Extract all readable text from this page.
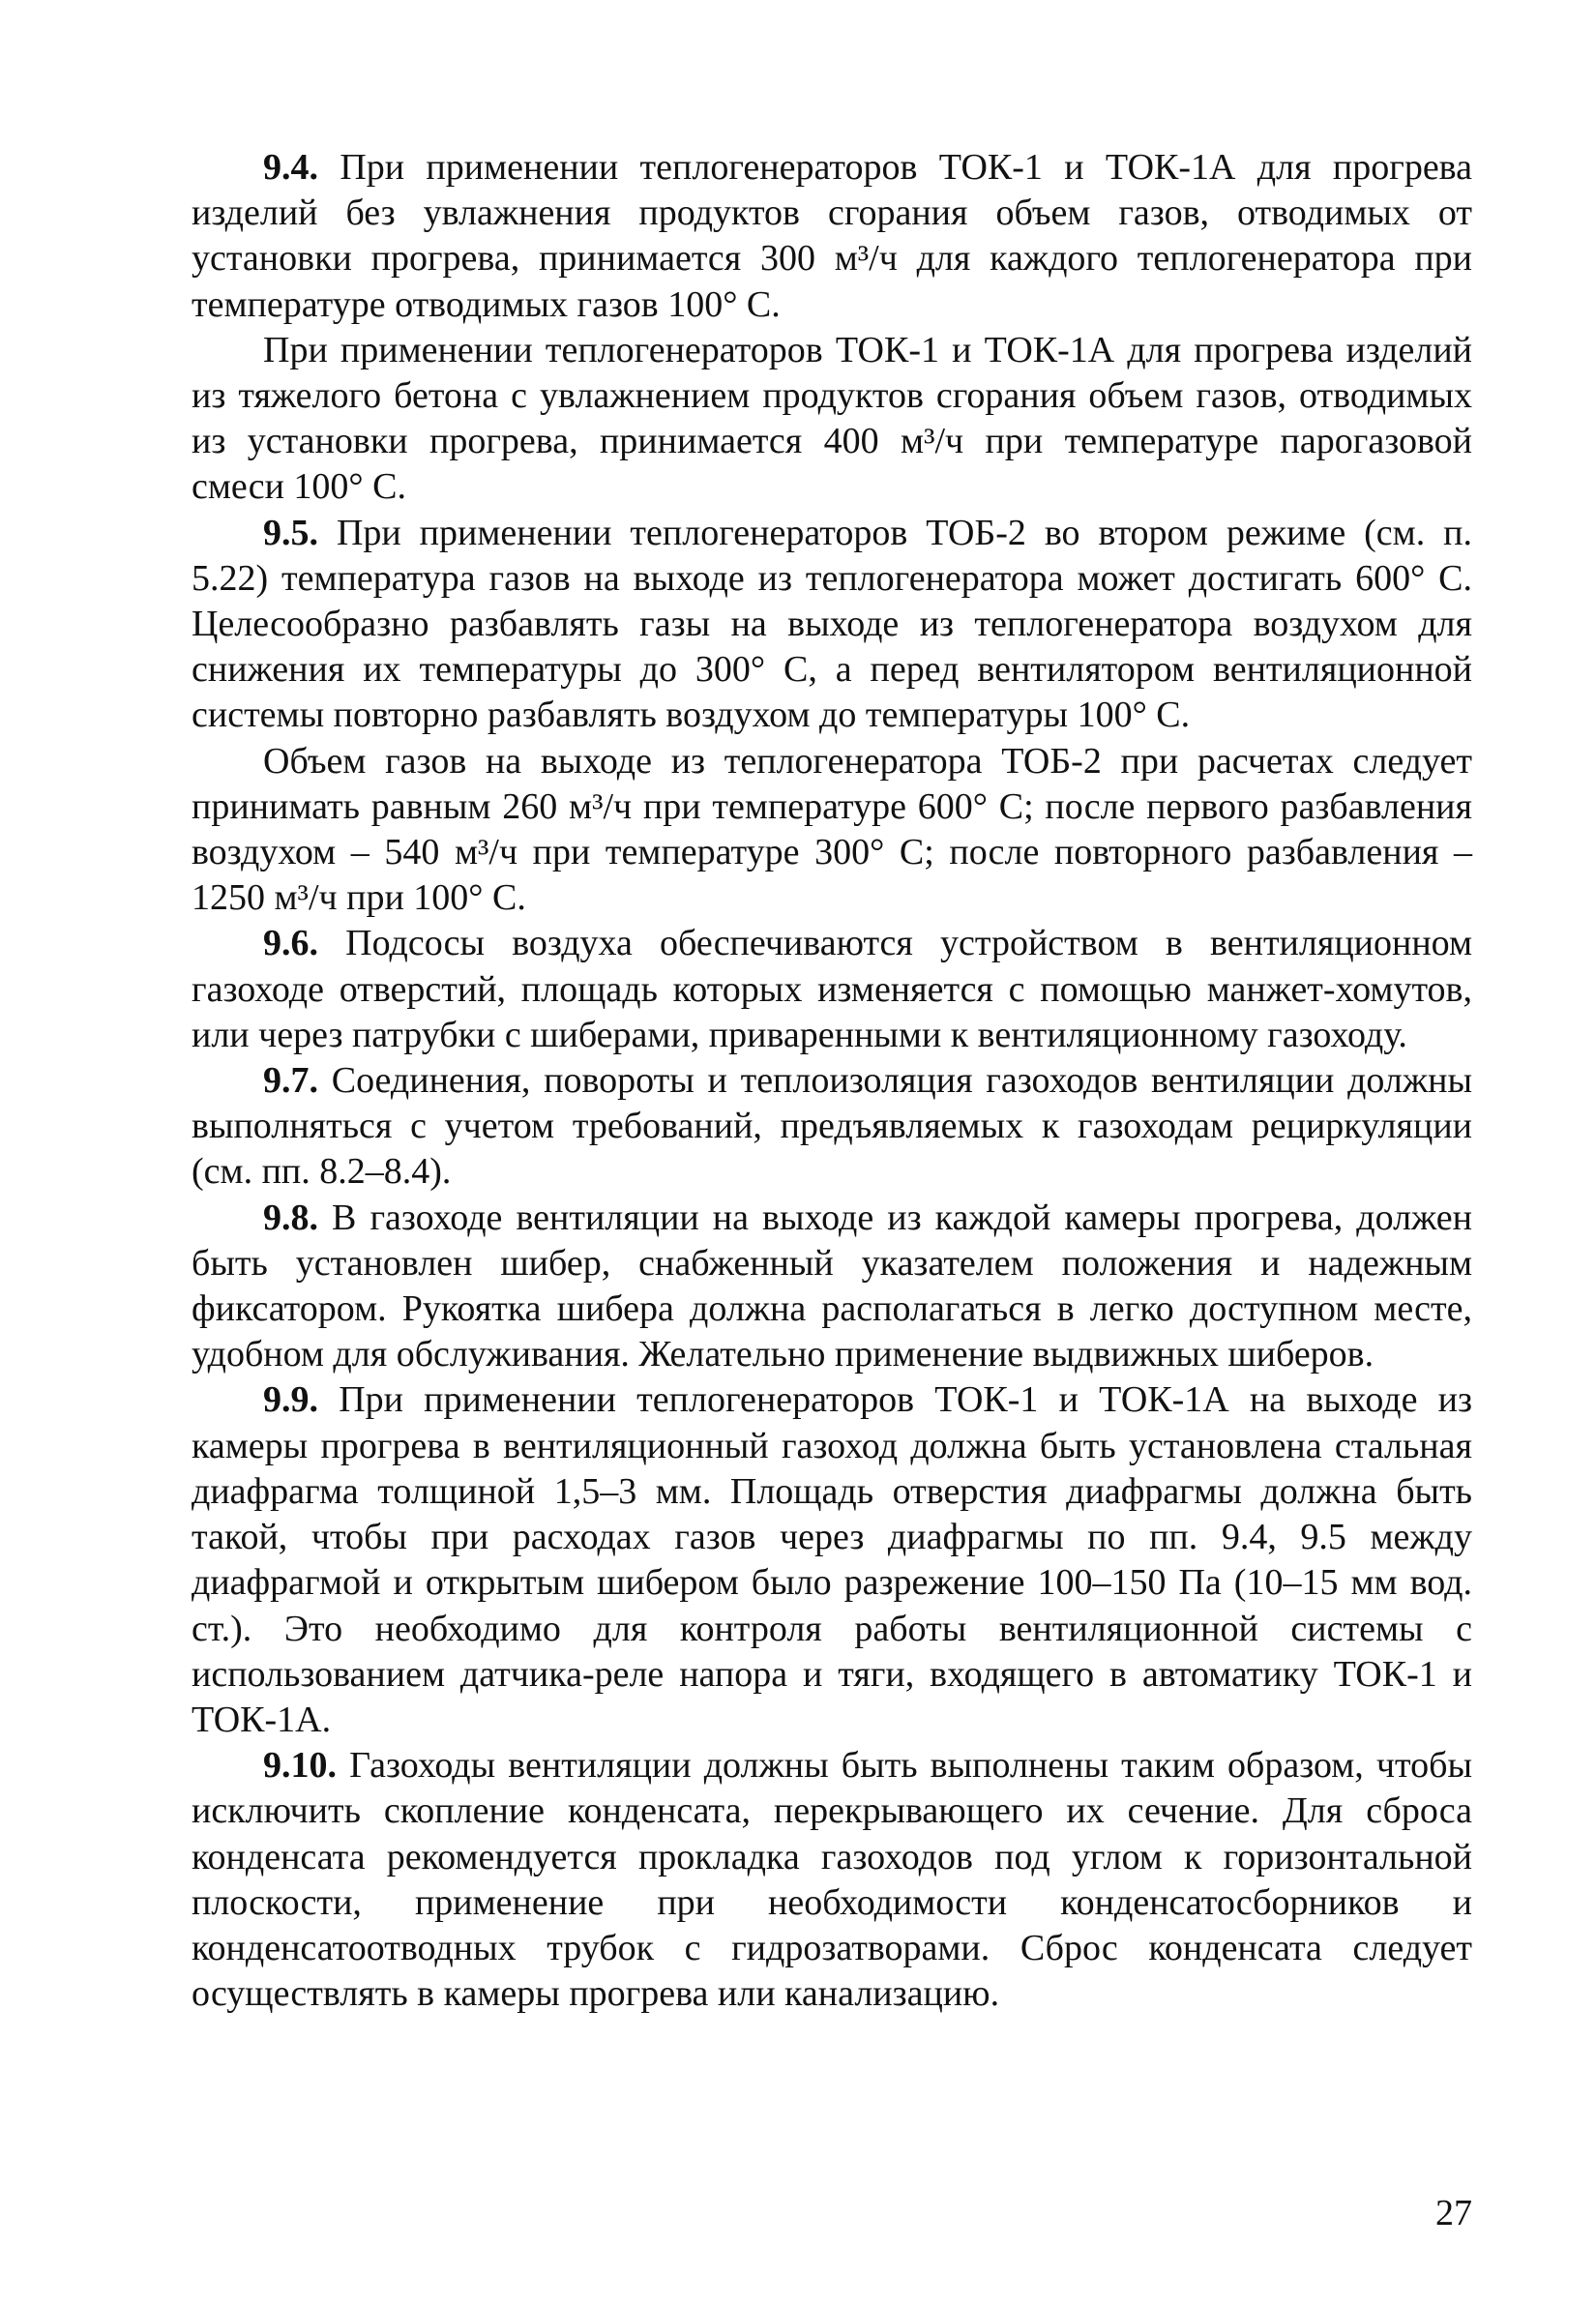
9.4. При применении теплогенераторов ТОК-1 и ТОК-1А для прогрева изделий без увлажнения продуктов сгорания объем газов, отводимых от установки прогрева, принимается 300 м³/ч для каждого теплогенератора при температуре отводимых газов 100° С.

При применении теплогенераторов ТОК-1 и ТОК-1А для прогрева изделий из тяжелого бетона с увлажнением продуктов сгорания объем газов, отводимых из установки прогрева, принимается 400 м³/ч при температуре парогазовой смеси 100° С.

9.5. При применении теплогенераторов ТОБ-2 во втором режиме (см. п. 5.22) температура газов на выходе из теплогенератора может достигать 600° С. Целесообразно разбавлять газы на выходе из теплогенератора воздухом для снижения их температуры до 300° С, а перед вентилятором вентиляционной системы повторно разбавлять воздухом до температуры 100° С.

Объем газов на выходе из теплогенератора ТОБ-2 при расчетах следует принимать равным 260 м³/ч при температуре 600° С; после первого разбавления воздухом – 540 м³/ч при температуре 300° С; после повторного разбавления – 1250 м³/ч при 100° С.

9.6. Подсосы воздуха обеспечиваются устройством в вентиляционном газоходе отверстий, площадь которых изменяется с помощью манжет-хомутов, или через патрубки с шиберами, приваренными к вентиляционному газоходу.

9.7. Соединения, повороты и теплоизоляция газоходов вентиляции должны выполняться с учетом требований, предъявляемых к газоходам рециркуляции (см. пп. 8.2–8.4).

9.8. В газоходе вентиляции на выходе из каждой камеры прогрева, должен быть установлен шибер, снабженный указателем положения и надежным фиксатором. Рукоятка шибера должна располагаться в легко доступном месте, удобном для обслуживания. Желательно применение выдвижных шиберов.

9.9. При применении теплогенераторов ТОК-1 и ТОК-1А на выходе из камеры прогрева в вентиляционный газоход должна быть установлена стальная диафрагма толщиной 1,5–3 мм. Площадь отверстия диафрагмы должна быть такой, чтобы при расходах газов через диафрагмы по пп. 9.4, 9.5 между диафрагмой и открытым шибером было разрежение 100–150 Па (10–15 мм вод. ст.). Это необходимо для контроля работы вентиляционной системы с использованием датчика-реле напора и тяги, входящего в автоматику ТОК-1 и ТОК-1А.

9.10. Газоходы вентиляции должны быть выполнены таким образом, чтобы исключить скопление конденсата, перекрывающего их сечение. Для сброса конденсата рекомендуется прокладка газоходов под углом к горизонтальной плоскости, применение при необходимости конденсатосборников и конденсатоотводных трубок с гидрозатворами. Сброс конденсата следует осуществлять в камеры прогрева или канализацию.

27
